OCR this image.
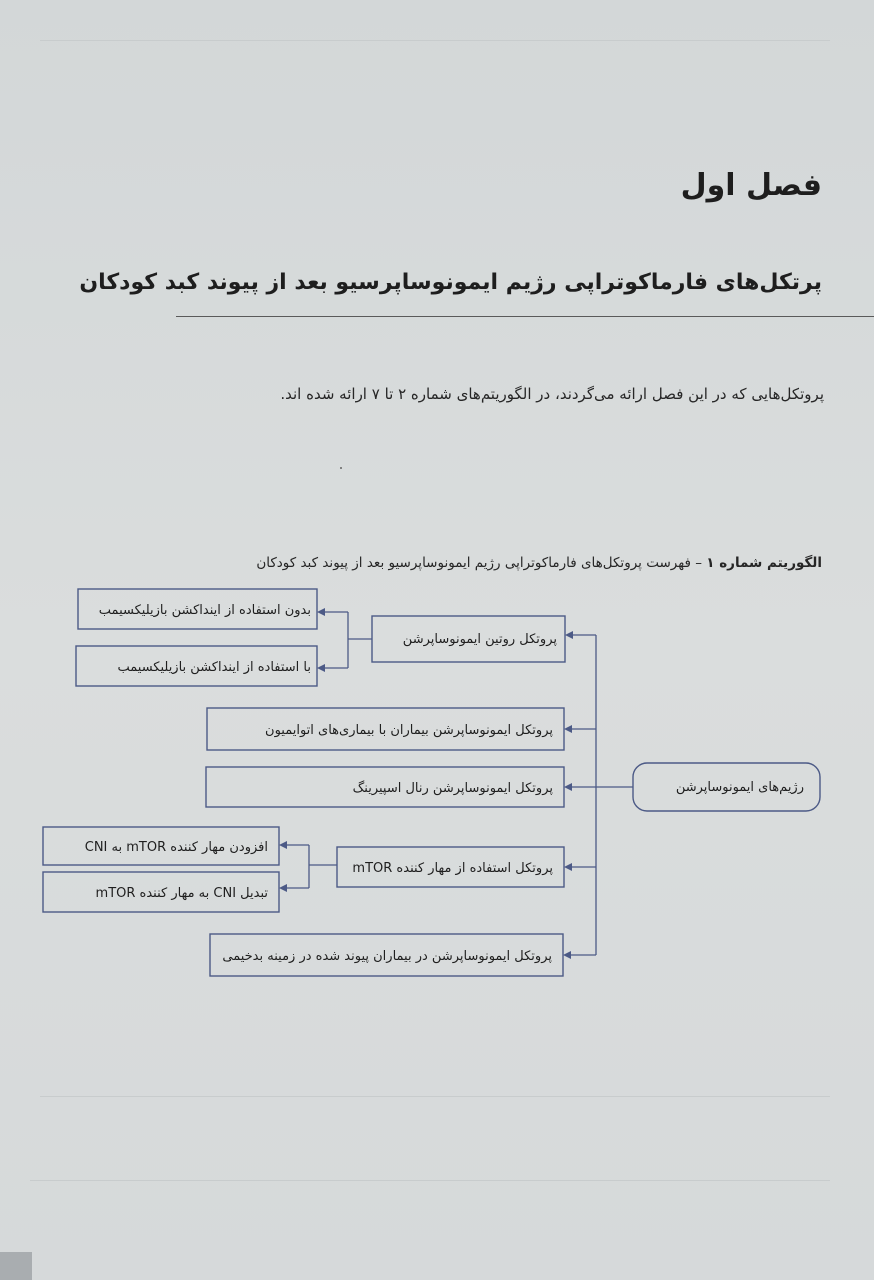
فصل اول
پرتکل‌های فارماکوتراپی رژیم ایمونوساپرسیو بعد از پیوند کبد کودکان
پروتکل‌هایی که در این فصل ارائه می‌گردند، در الگوریتم‌های شماره ۲ تا ۷ ارائه شده اند.
الگوریتم شماره ۱ – فهرست پروتکل‌های فارماکوتراپی رژیم ایمونوساپرسیو بعد از پیوند کبد کودکان
رژیم‌های ایمونوساپرشن
پروتکل روتین ایمونوساپرشن
پروتکل ایمونوساپرشن بیماران با بیماری‌های اتوایمیون
پروتکل ایمونوساپرشن رنال اسپیرینگ
پروتکل استفاده از مهار کننده mTOR
پروتکل ایمونوساپرشن در بیماران پیوند شده در زمینه بدخیمی
بدون استفاده از اینداکشن بازیلیکسیمب
با استفاده از اینداکشن بازیلیکسیمب
افزودن مهار کننده mTOR به CNI
تبدیل CNI به مهار کننده mTOR
